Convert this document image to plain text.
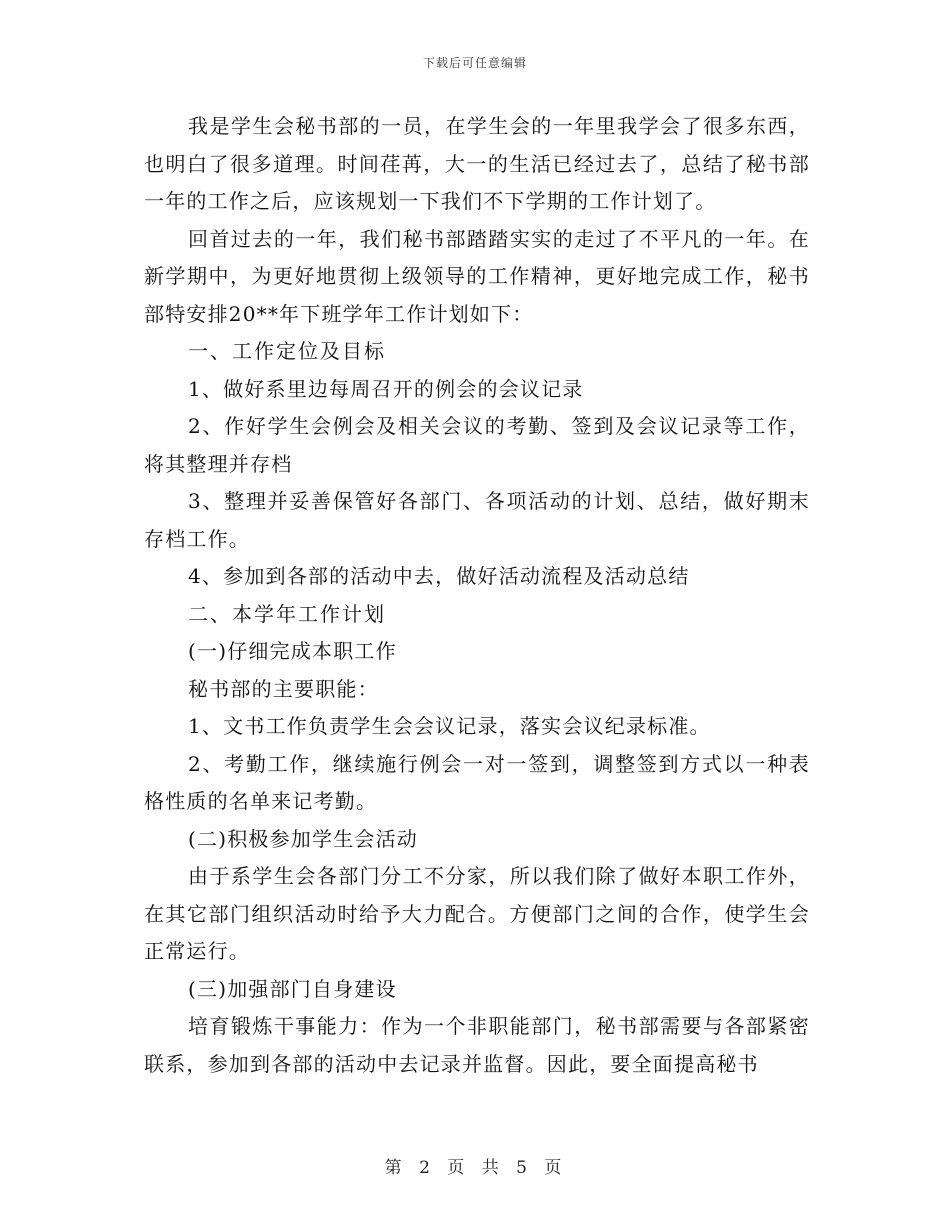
下载后可任意编辑

我是学生会秘书部的一员，在学生会的一年里我学会了很多东西，也明白了很多道理。时间荏苒，大一的生活已经过去了，总结了秘书部一年的工作之后，应该规划一下我们不下学期的工作计划了。

回首过去的一年，我们秘书部踏踏实实的走过了不平凡的一年。在新学期中，为更好地贯彻上级领导的工作精神，更好地完成工作，秘书部特安排20**年下班学年工作计划如下：

一、工作定位及目标

1、做好系里边每周召开的例会的会议记录

2、作好学生会例会及相关会议的考勤、签到及会议记录等工作，将其整理并存档

3、整理并妥善保管好各部门、各项活动的计划、总结，做好期末存档工作。

4、参加到各部的活动中去，做好活动流程及活动总结

二、本学年工作计划

(一)仔细完成本职工作

秘书部的主要职能：

1、文书工作负责学生会会议记录，落实会议纪录标准。

2、考勤工作，继续施行例会一对一签到，调整签到方式以一种表格性质的名单来记考勤。

(二)积极参加学生会活动

由于系学生会各部门分工不分家，所以我们除了做好本职工作外，在其它部门组织活动时给予大力配合。方便部门之间的合作，使学生会正常运行。

(三)加强部门自身建设

培育锻炼干事能力：作为一个非职能部门，秘书部需要与各部紧密联系，参加到各部的活动中去记录并监督。因此，要全面提高秘书

第 2 页 共 5 页
